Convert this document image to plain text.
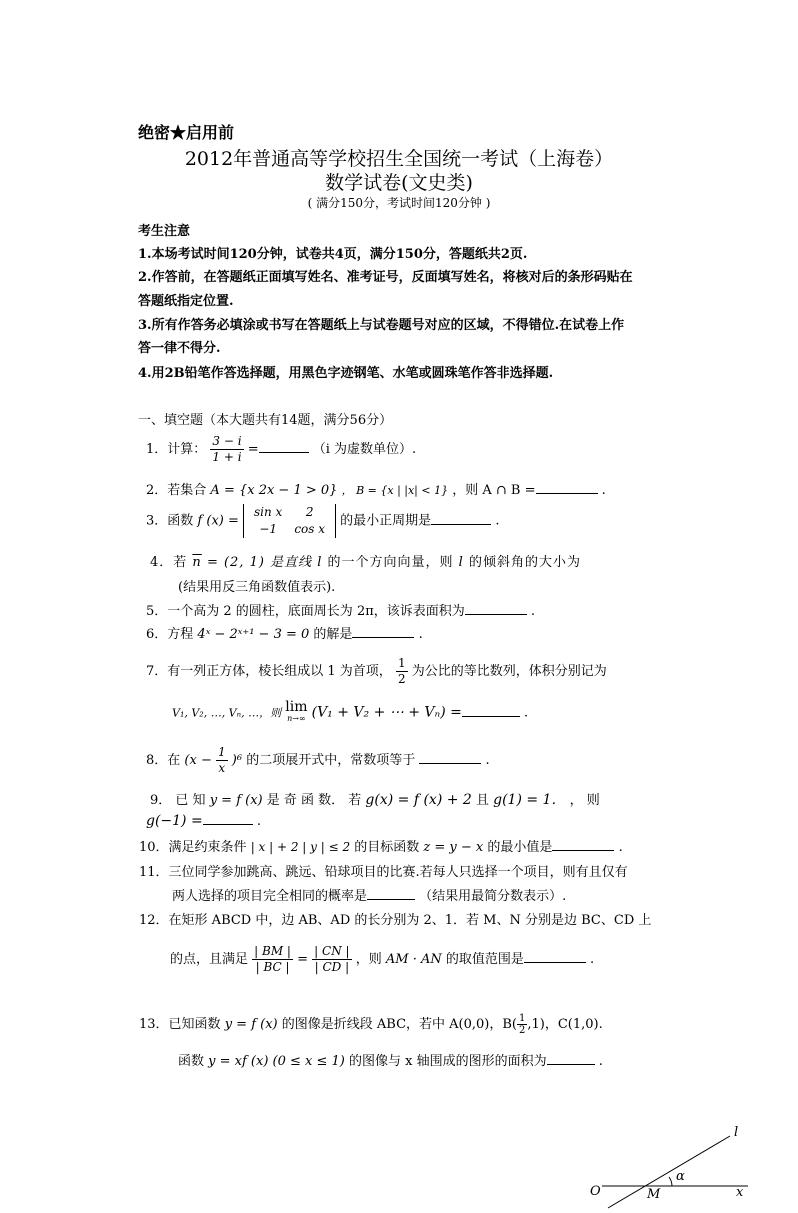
绝密★启用前
2012年普通高等学校招生全国统一考试（上海卷）
数学试卷(文史类)
( 满分150分，考试时间120分钟 )
考生注意
1.本场考试时间120分钟，试卷共4页，满分150分，答题纸共2页.
2.作答前，在答题纸正面填写姓名、准考证号，反面填写姓名，将核对后的条形码贴在
答题纸指定位置.
3.所有作答务必填涂或书写在答题纸上与试卷题号对应的区域，不得错位.在试卷上作
答一律不得分.
4.用2B铅笔作答选择题，用黑色字迹钢笔、水笔或圆珠笔作答非选择题.
一、填空题（本大题共有14题，满分56分）
1．计算： $\frac{3 - i}{1 + i}$ =	（i 为虚数单位）.
2．若集合 A = {x 2x − 1 > 0} ， B = {x | |x| < 1} ，则 A ∩ B =	.
3．函数 f (x) =
sin x	2
−1	cos x
的最小正周期是	.
4．若 $\overline{n} = (2$, 1) 是直线 l 的一个方向向量，则 l 的倾斜角的大小为
(结果用反三角函数值表示).
5．一个高为 2 的圆柱，底面周长为 2π，该诉表面积为	.
6．方程 4ˣ − 2ˣ⁺¹ − 3 = 0 的解是	.
7．有一列正方体，棱长组成以 1 为首项， $\frac{1}{2}$ 为公比的等比数列，体积分别记为
V₁, V₂, …, Vₙ, …，则 lim
n→∞ (V₁ + V₂ + ⋯ + Vₙ) =	.
8．在 $(x - \frac{1}{x} )^6$ 的二项展开式中，常数项等于	.
9． 已 知 y = f (x) 是 奇 函 数． 若 g(x) = f (x) + 2 且 g(1) = 1． ， 则
g(−1) =	.
10．满足约束条件 | x | + 2 | y | ≤ 2 的目标函数 z = y − x 的最小值是	.
11．三位同学参加跳高、跳远、铅球项目的比赛.若每人只选择一个项目，则有且仅有
两人选择的项目完全相同的概率是	（结果用最简分数表示）.
12．在矩形 ABCD 中，边 AB、AD 的长分别为 2、1．若 M、N 分别是边 BC、CD 上
的点，且满足 $\frac{| BM |}{| BC |} = \frac{| CN |}{| CD |}$ ，则 AM · AN 的取值范围是	.
13．已知函数 y = f (x) 的图像是折线段 ABC，若中 A(0,0)，$B( \frac{1}{2} ,1)$，C(1,0).
函数 y = xf (x) (0 ≤ x ≤ 1) 的图像与 x 轴围成的图形的面积为	.
O	M	x
l
α
